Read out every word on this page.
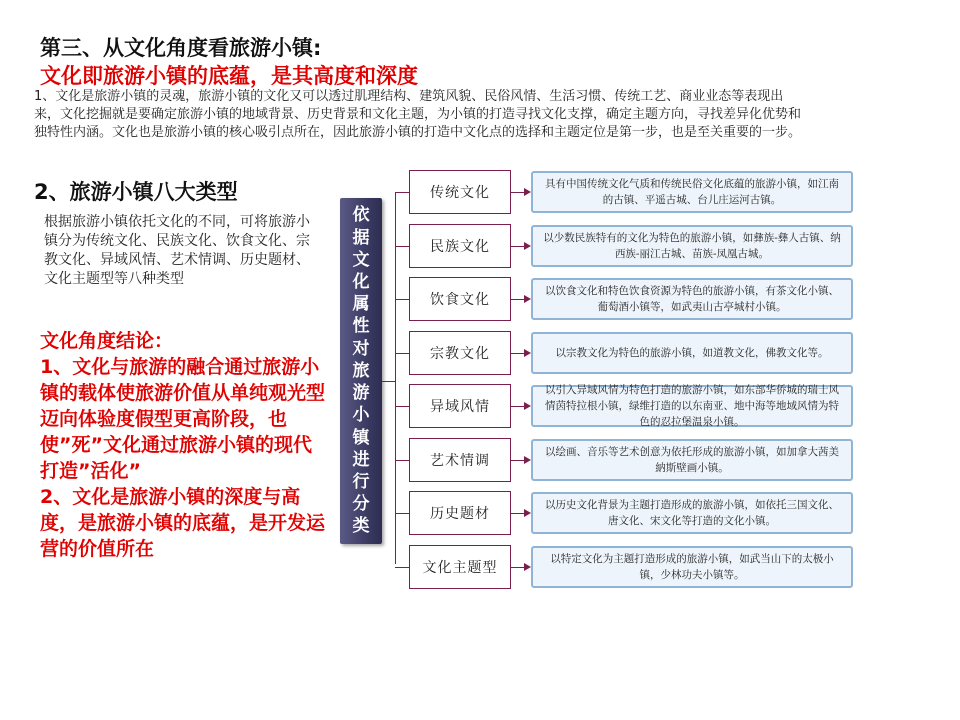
第三、从文化角度看旅游小镇:
文化即旅游小镇的底蕴，是其高度和深度
1、文化是旅游小镇的灵魂，旅游小镇的文化又可以透过肌理结构、建筑风貌、民俗风情、生活习惯、传统工艺、商业业态等表现出来，文化挖掘就是要确定旅游小镇的地域背景、历史背景和文化主题，为小镇的打造寻找文化支撑，确定主题方向，寻找差异化优势和独特性内涵。文化也是旅游小镇的核心吸引点所在，因此旅游小镇的打造中文化点的选择和主题定位是第一步，也是至关重要的一步。
2、旅游小镇八大类型
根据旅游小镇依托文化的不同，可将旅游小镇分为传统文化、民族文化、饮食文化、宗教文化、异域风情、艺术情调、历史题材、文化主题型等八种类型
文化角度结论：
1、文化与旅游的融合通过旅游小镇的载体使旅游价值从单纯观光型迈向体验度假型更高阶段，也使”死”文化通过旅游小镇的现代打造”活化”
2、文化是旅游小镇的深度与高度，是旅游小镇的底蕴，是开发运营的价值所在
依据文化属性对旅游小镇进行分类
传统文化
具有中国传统文化气质和传统民俗文化底蕴的旅游小镇，如江南的古镇、平遥古城、台儿庄运河古镇。
民族文化
以少数民族特有的文化为特色的旅游小镇，如彝族-彝人古镇、纳西族-丽江古城、苗族-凤凰古城。
饮食文化
以饮食文化和特色饮食资源为特色的旅游小镇，有茶文化小镇、葡萄酒小镇等，如武夷山古亭城村小镇。
宗教文化	以宗教文化为特色的旅游小镇，如道教文化，佛教文化等。
异域风情
以引入异域风情为特色打造的旅游小镇，如东部华侨城的瑞士风情茵特拉根小镇，绿维打造的以东南亚、地中海等地域风情为特色的忍拉堡温泉小镇。
艺术情调
以绘画、音乐等艺术创意为依托形成的旅游小镇，如加拿大茜美納斯壁画小镇。
历史题材
以历史文化背景为主题打造形成的旅游小镇，如依托三国文化、唐文化、宋文化等打造的文化小镇。
文化主题型
以特定文化为主题打造形成的旅游小镇，如武当山下的太极小镇，少林功夫小镇等。
